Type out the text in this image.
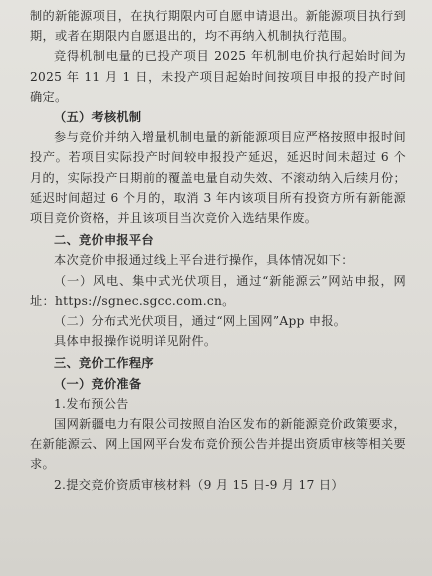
制的新能源项目，在执行期限内可自愿申请退出。新能源项目执行到期，或者在期限内自愿退出的，均不再纳入机制执行范围。

竞得机制电量的已投产项目 2025 年机制电价执行起始时间为 2025 年 11 月 1 日，未投产项目起始时间按项目申报的投产时间确定。

（五）考核机制

参与竞价并纳入增量机制电量的新能源项目应严格按照申报时间投产。若项目实际投产时间较申报投产延迟，延迟时间未超过 6 个月的，实际投产日期前的覆盖电量自动失效、不滚动纳入后续月份；延迟时间超过 6 个月的，取消 3 年内该项目所有投资方所有新能源项目竞价资格，并且该项目当次竞价入选结果作废。

二、竞价申报平台

本次竞价申报通过线上平台进行操作，具体情况如下：

（一）风电、集中式光伏项目，通过“新能源云”网站申报，网址：https://sgnec.sgcc.com.cn。

（二）分布式光伏项目，通过“网上国网”App 申报。

具体申报操作说明详见附件。

三、竞价工作程序

（一）竞价准备

1.发布预公告

国网新疆电力有限公司按照自治区发布的新能源竞价政策要求，在新能源云、网上国网平台发布竞价预公告并提出资质审核等相关要求。

2.提交竞价资质审核材料（9 月 15 日-9 月 17 日）
